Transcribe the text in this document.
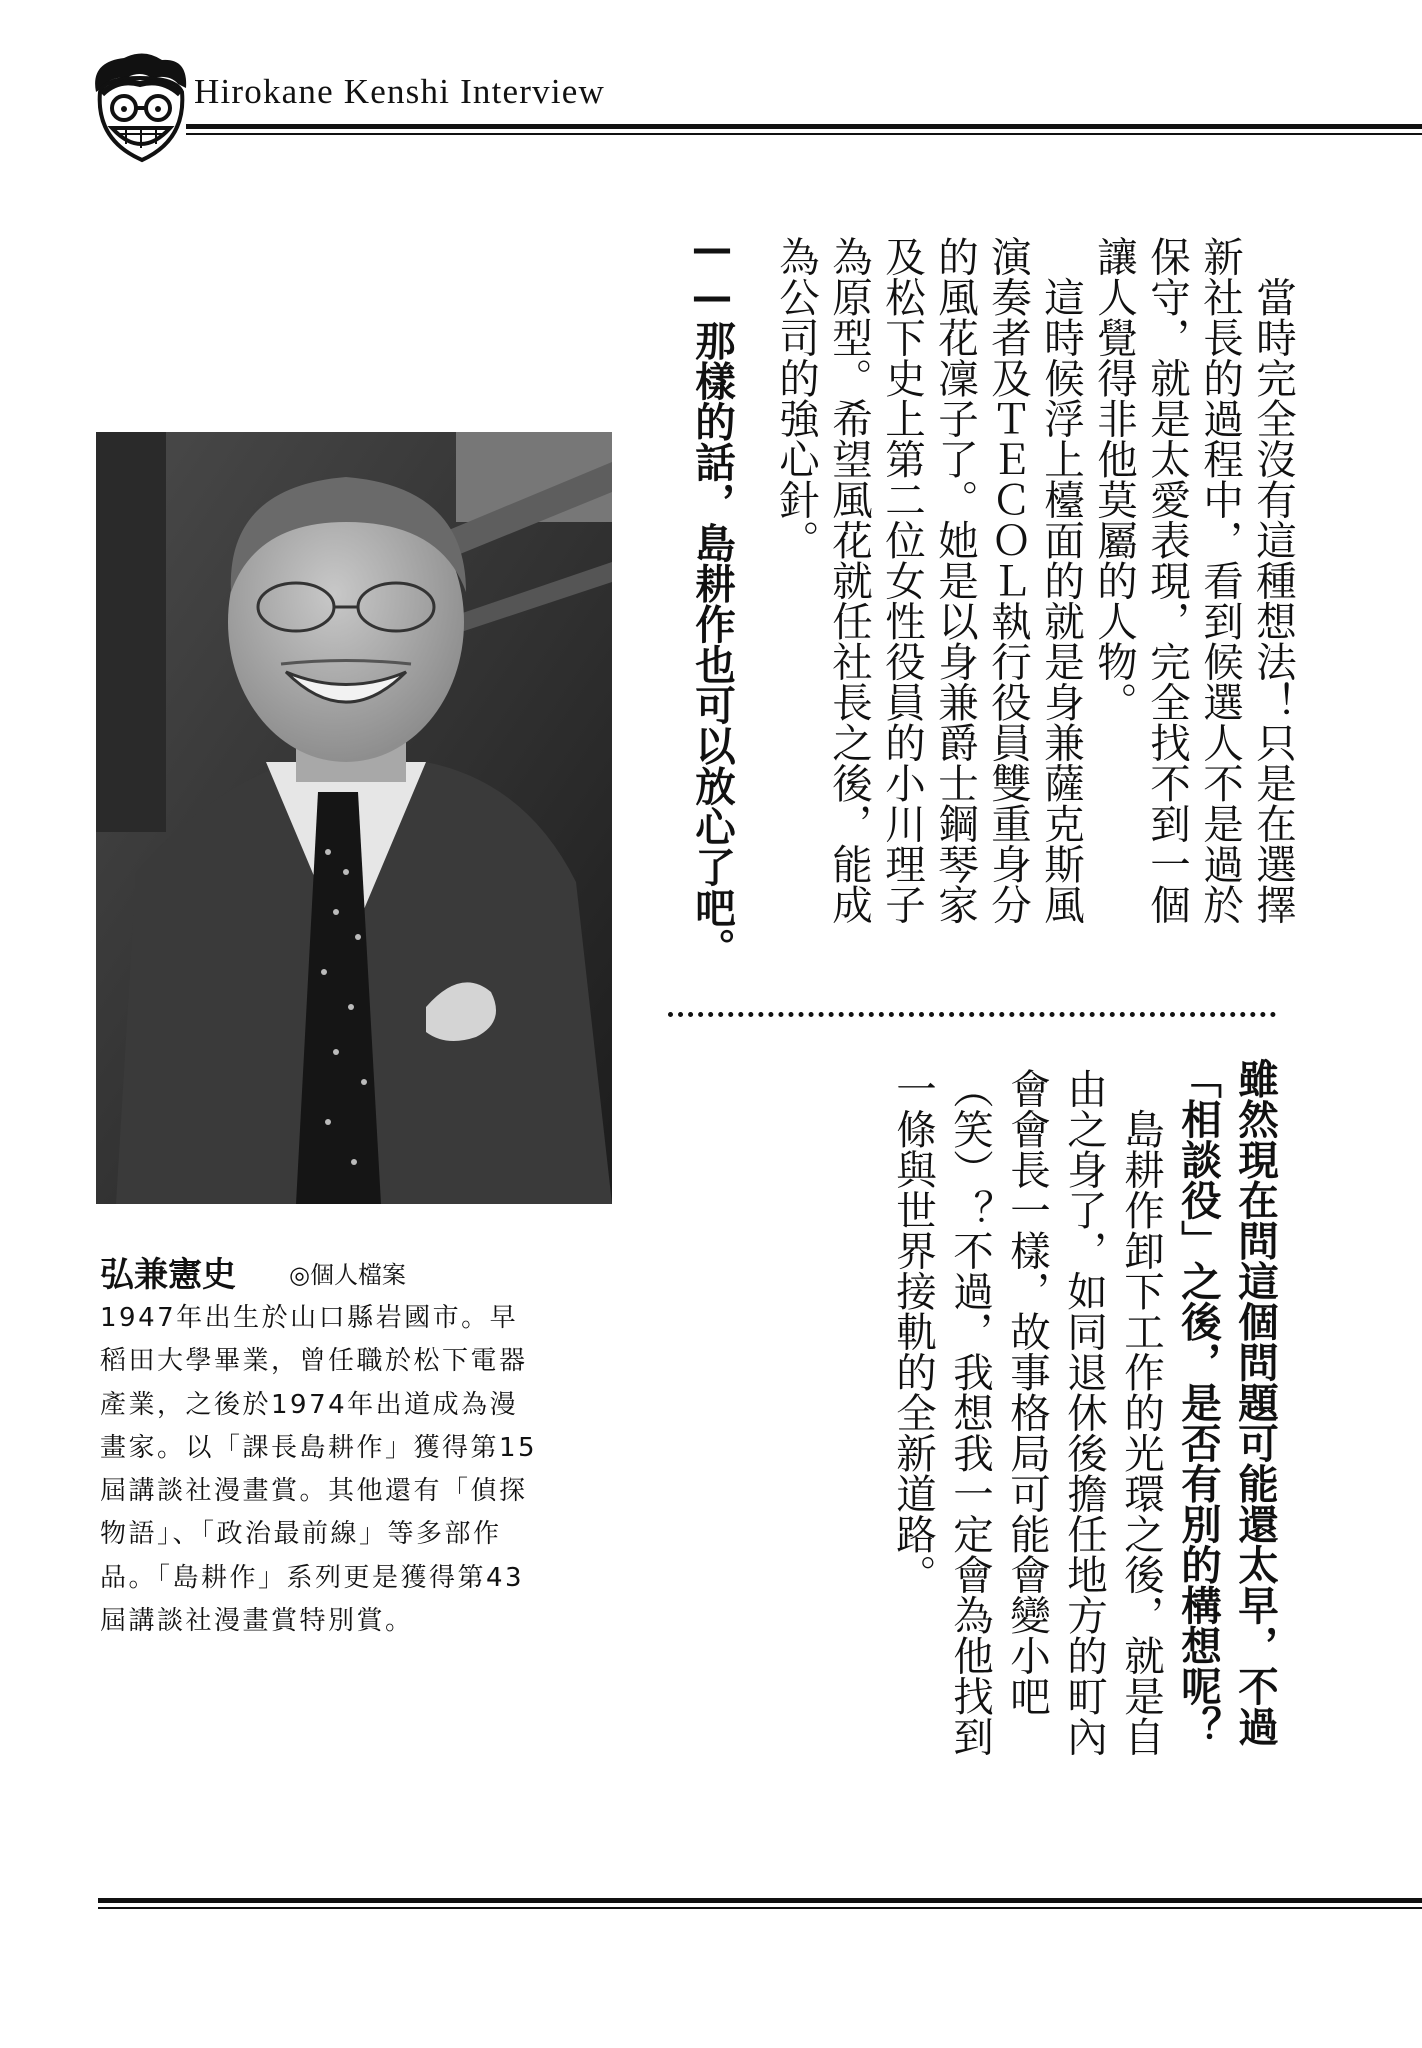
Hirokane Kenshi Interview
　當時完全沒有這種想法！只是在選擇
新社長的過程中，看到候選人不是過於
保守，就是太愛表現，完全找不到一個
讓人覺得非他莫屬的人物。
　這時候浮上檯面的就是身兼薩克斯風
演奏者及ＴＥＣＯＬ執行役員雙重身分
的風花凜子了。她是以身兼爵士鋼琴家
及松下史上第二位女性役員的小川理子
為原型。希望風花就任社長之後，能成
為公司的強心針。
——那樣的話，島耕作也可以放心了吧。
雖然現在問這個問題可能還太早，不過
「相談役」之後，是否有別的構想呢？
　島耕作卸下工作的光環之後，就是自
由之身了，如同退休後擔任地方的町內
會會長一樣，故事格局可能會變小吧
（笑）？不過，我想我一定會為他找到
一條與世界接軌的全新道路。
弘兼憲史 ◎個人檔案
1947年出生於山口縣岩國市。早
稻田大學畢業，曾任職於松下電器
產業，之後於1974年出道成為漫
畫家。以「課長島耕作」獲得第15
屆講談社漫畫賞。其他還有「偵探
物語」、「政治最前線」等多部作
品。「島耕作」系列更是獲得第43
屆講談社漫畫賞特別賞。
